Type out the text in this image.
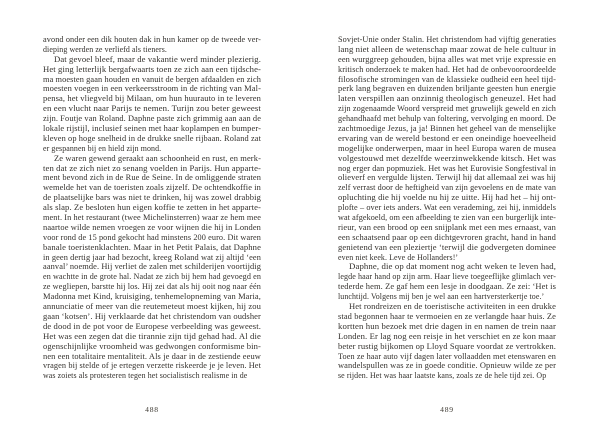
avond onder een dik houten dak in hun kamer op de tweede ver-
dieping werden ze verliefd als tieners.
Dat gevoel bleef, maar de vakantie werd minder plezierig.
Het ging letterlijk bergafwaarts toen ze zich aan een tijdsche-
ma moesten gaan houden en vanuit de bergen afdaalden en zich
moesten voegen in een verkeersstroom in de richting van Mal-
pensa, het vliegveld bij Milaan, om hun huurauto in te leveren
en een vlucht naar Parijs te nemen. Turijn zou beter geweest
zijn. Foutje van Roland. Daphne paste zich grimmig aan aan de
lokale rijstijl, inclusief seinen met haar koplampen en bumper-
kleven op hoge snelheid in de drukke snelle rijbaan. Roland zat
er gespannen bij en hield zijn mond.
Ze waren gewend geraakt aan schoonheid en rust, en merk-
ten dat ze zich niet zo senang voelden in Parijs. Hun apparte-
ment bevond zich in de Rue de Seine. In de omliggende straten
wemelde het van de toeristen zoals zijzelf. De ochtendkoffie in
de plaatselijke bars was niet te drinken, hij was zowel drabbig
als slap. Ze besloten hun eigen koffie te zetten in het apparte-
ment. In het restaurant (twee Michelinsterren) waar ze hem mee
naartoe wilde nemen vroegen ze voor wijnen die hij in Londen
voor rond de 15 pond gekocht had minstens 200 euro. Dit waren
banale toeristenklachten. Maar in het Petit Palais, dat Daphne
in geen dertig jaar had bezocht, kreeg Roland wat zij altijd ‘een
aanval’ noemde. Hij verliet de zalen met schilderijen voortijdig
en wachtte in de grote hal. Nadat ze zich bij hem had gevoegd en
ze wegliepen, barstte hij los. Hij zei dat als hij ooit nog naar één
Madonna met Kind, kruisiging, tenhemelopneming van Maria,
annunciatie of meer van die reutemeteut moest kijken, hij zou
gaan ‘kotsen’. Hij verklaarde dat het christendom van oudsher
de dood in de pot voor de Europese verbeelding was geweest.
Het was een zegen dat die tirannie zijn tijd gehad had. Al die
ogenschijnlijke vroomheid was gedwongen conformisme bin-
nen een totalitaire mentaliteit. Als je daar in de zestiende eeuw
vragen bij stelde of je ertegen verzette riskeerde je je leven. Het
was zoiets als protesteren tegen het socialistisch realisme in de
488
Sovjet-Unie onder Stalin. Het christendom had vijftig generaties
lang niet alleen de wetenschap maar zowat de hele cultuur in
een wurggreep gehouden, bijna alles wat met vrije expressie en
kritisch onderzoek te maken had. Het had de onbevooroordeelde
filosofische stromingen van de klassieke oudheid een heel tijd-
perk lang begraven en duizenden briljante geesten hun energie
laten verspillen aan onzinnig theologisch geneuzel. Het had
zijn zogenaamde Woord verspreid met gruwelijk geweld en zich
gehandhaafd met behulp van foltering, vervolging en moord. De
zachtmoedige Jezus, ja ja! Binnen het geheel van de menselijke
ervaring van de wereld bestond er een oneindige hoeveelheid
mogelijke onderwerpen, maar in heel Europa waren de musea
volgestouwd met dezelfde weerzinwekkende kitsch. Het was
nog erger dan popmuziek. Het was het Eurovisie Songfestival in
olieverf en vergulde lijsten. Terwijl hij dat allemaal zei was hij
zelf verrast door de heftigheid van zijn gevoelens en de mate van
opluchting die hij voelde nu hij ze uitte. Hij had het – hij ont-
plofte – over iets anders. Wat een verademing, zei hij, inmiddels
wat afgekoeld, om een afbeelding te zien van een burgerlijk inte-
rieur, van een brood op een snijplank met een mes ernaast, van
een schaatsend paar op een dichtgevroren gracht, hand in hand
genietend van een pleziertje ‘terwijl die godvergeten dominee
even niet keek. Leve de Hollanders!’
Daphne, die op dat moment nog acht weken te leven had,
legde haar hand op zijn arm. Haar lieve toegeeflijke glimlach ver-
tederde hem. Ze gaf hem een lesje in doodgaan. Ze zei: ‘Het is
lunchtijd. Volgens mij ben je wel aan een hartversterkertje toe.’
Het rondreizen en de toeristische activiteiten in een drukke
stad begonnen haar te vermoeien en ze verlangde haar huis. Ze
kortten hun bezoek met drie dagen in en namen de trein naar
Londen. Er lag nog een reisje in het verschiet en ze kon maar
beter rustig bijkomen op Lloyd Square voordat ze vertrokken.
Toen ze haar auto vijf dagen later vollaadden met etenswaren en
wandelspullen was ze in goede conditie. Opnieuw wilde ze per
se rijden. Het was haar laatste kans, zoals ze de hele tijd zei. Op
489
